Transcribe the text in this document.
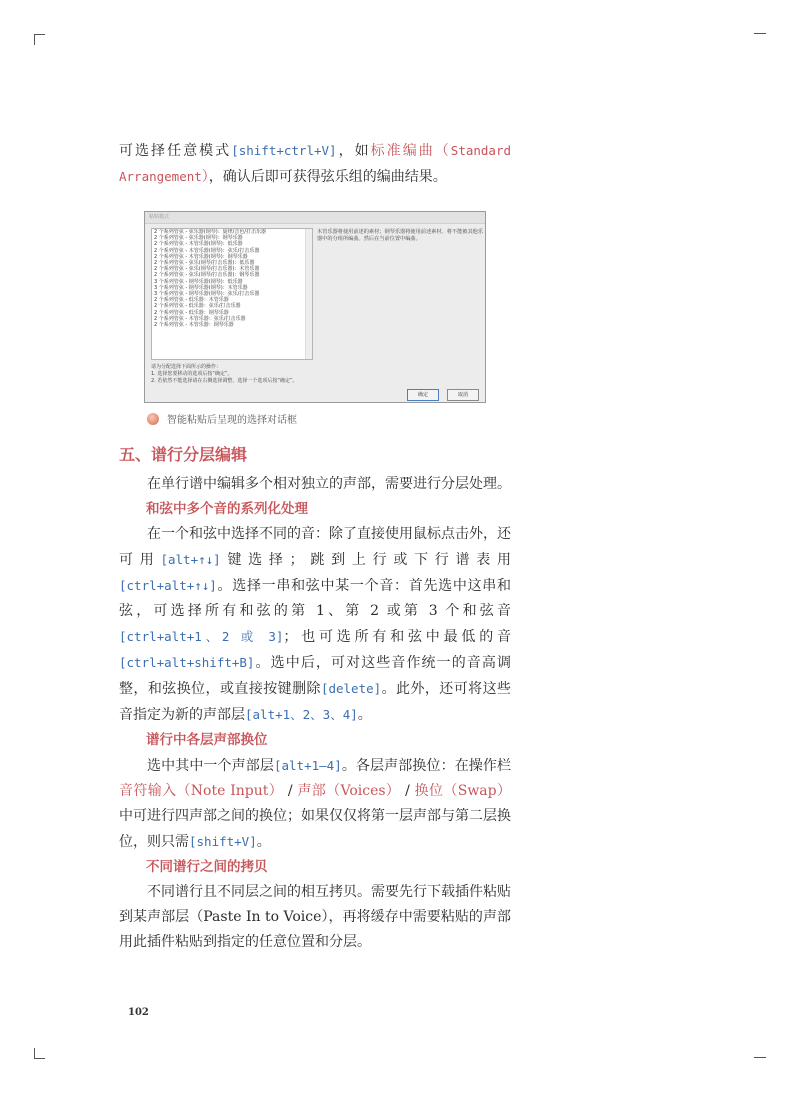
可选择任意模式[shift+ctrl+V]，如标准编曲（Standard Arrangement），确认后即可获得弦乐组的编曲结果。

粘贴模式
2 个系列管弦 - 弦乐器(钢琴)：旋律/音色/打击乐器
2 个系列管弦 - 弦乐器(钢琴)：钢琴乐器
2 个系列管弦 - 木管乐器(钢琴)：低乐器
2 个系列管弦 - 木管乐器(钢琴)：弦乐/打击乐器
2 个系列管弦 - 木管乐器(钢琴)：钢琴乐器
2 个系列管弦 - 弦乐(钢琴/打击乐器)：低乐器
2 个系列管弦 - 弦乐(钢琴/打击乐器)：木管乐器
2 个系列管弦 - 弦乐(钢琴/打击乐器)：钢琴乐器
3 个系列管弦 - 钢琴乐器(钢琴)：低乐器
3 个系列管弦 - 钢琴乐器(钢琴)：木管乐器
3 个系列管弦 - 钢琴乐器(钢琴)：弦乐/打击乐器
2 个系列管弦 - 低乐器：木管乐器
2 个系列管弦 - 低乐器：弦乐/打击乐器
2 个系列管弦 - 低乐器：钢琴乐器
2 个系列管弦 - 木管乐器：弦乐/打击乐器
2 个系列管弦 - 木管乐器：钢琴乐器
木管乐器将使用前述的素材；钢琴乐器将使用前述素材。将不能被其他乐器中的分组所编曲。然后在当前位置中编曲。
请为分配选择下面所示的操作：
1. 选择您要移动的选项后按“确定”。
2. 若依然不能选择请在右侧选择调整，选择一个选项后按“确定”。
确定	取消
智能粘贴后呈现的选择对话框
五、谱行分层编辑

在单行谱中编辑多个相对独立的声部，需要进行分层处理。

和弦中多个音的系列化处理

在一个和弦中选择不同的音：除了直接使用鼠标点击外，还可用[alt+↑↓]键选择；跳到上行或下行谱表用[ctrl+alt+↑↓]。选择一串和弦中某一个音：首先选中这串和弦，可选择所有和弦的第 1、第 2 或第 3 个和弦音[ctrl+alt+1、2 或 3]；也可选所有和弦中最低的音[ctrl+alt+shift+B]。选中后，可对这些音作统一的音高调整，和弦换位，或直接按键删除[delete]。此外，还可将这些音指定为新的声部层[alt+1、2、3、4]。

谱行中各层声部换位

选中其中一个声部层[alt+1—4]。各层声部换位：在操作栏音符输入（Note Input） / 声部（Voices） / 换位（Swap）中可进行四声部之间的换位；如果仅仅将第一层声部与第二层换位，则只需[shift+V]。

不同谱行之间的拷贝

不同谱行且不同层之间的相互拷贝。需要先行下载插件粘贴到某声部层（Paste In to Voice），再将缓存中需要粘贴的声部用此插件粘贴到指定的任意位置和分层。

102
